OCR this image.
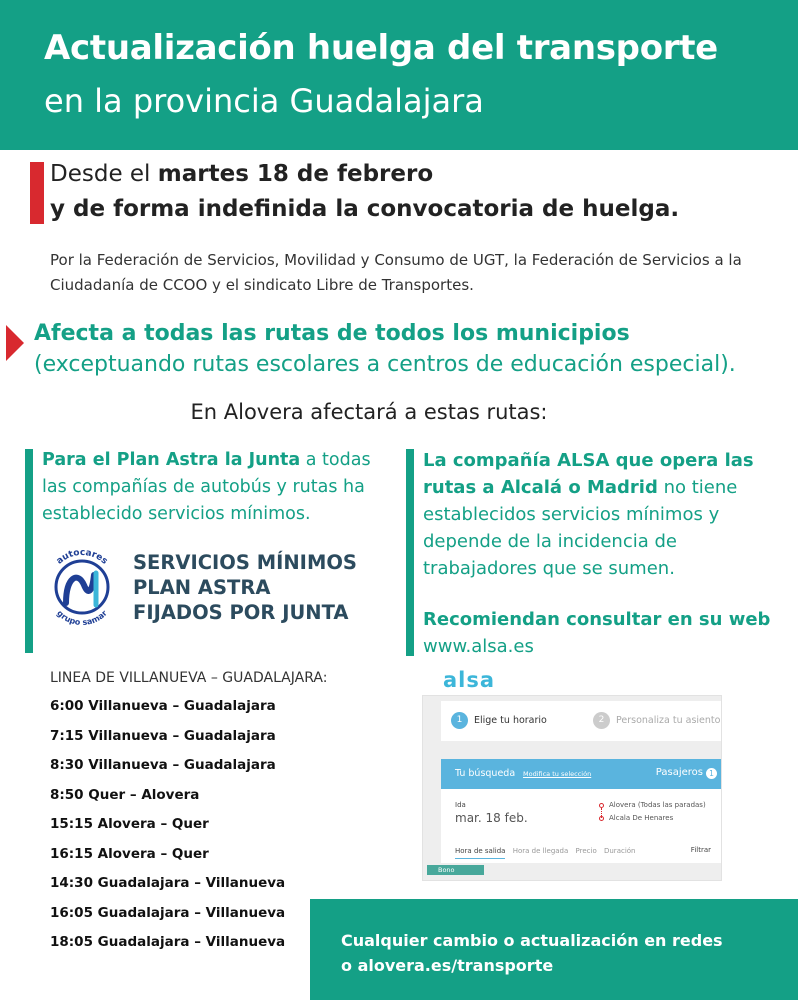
Actualización huelga del transporte
en la provincia Guadalajara
Desde el martes 18 de febrero
y de forma indefinida la convocatoria de huelga.
Por la Federación de Servicios, Movilidad y Consumo de UGT, la Federación de Servicios a la Ciudadanía de CCOO y el sindicato Libre de Transportes.
Afecta a todas las rutas de todos los municipios (exceptuando rutas escolares a centros de educación especial).
En Alovera afectará a estas rutas:
Para el Plan Astra la Junta a todas las compañías de autobús y rutas ha establecido servicios mínimos.
autocares
grupo samar
SERVICIOS MÍNIMOS
PLAN ASTRA
FIJADOS POR JUNTA
LINEA DE VILLANUEVA – GUADALAJARA:
6:00 Villanueva – Guadalajara
7:15 Villanueva – Guadalajara
8:30 Villanueva – Guadalajara
8:50 Quer – Alovera
15:15 Alovera – Quer
16:15 Alovera – Quer
14:30 Guadalajara – Villanueva
16:05 Guadalajara – Villanueva
18:05 Guadalajara – Villanueva
La compañía ALSA que opera las rutas a Alcalá o Madrid no tiene establecidos servicios mínimos y depende de la incidencia de trabajadores que se sumen.
Recomiendan consultar en su web
www.alsa.es
alsa
1 Elige tu horario	2 Personaliza tu asiento
Tu búsqueda Modifica tu selección	Pasajeros 1
Ida
mar. 18 feb.
Alovera (Todas las paradas)
Alcala De Henares
Hora de salida Hora de llegada Precio Duración	Filtrar
Bono
Cualquier cambio o actualización en redes
o alovera.es/transporte
